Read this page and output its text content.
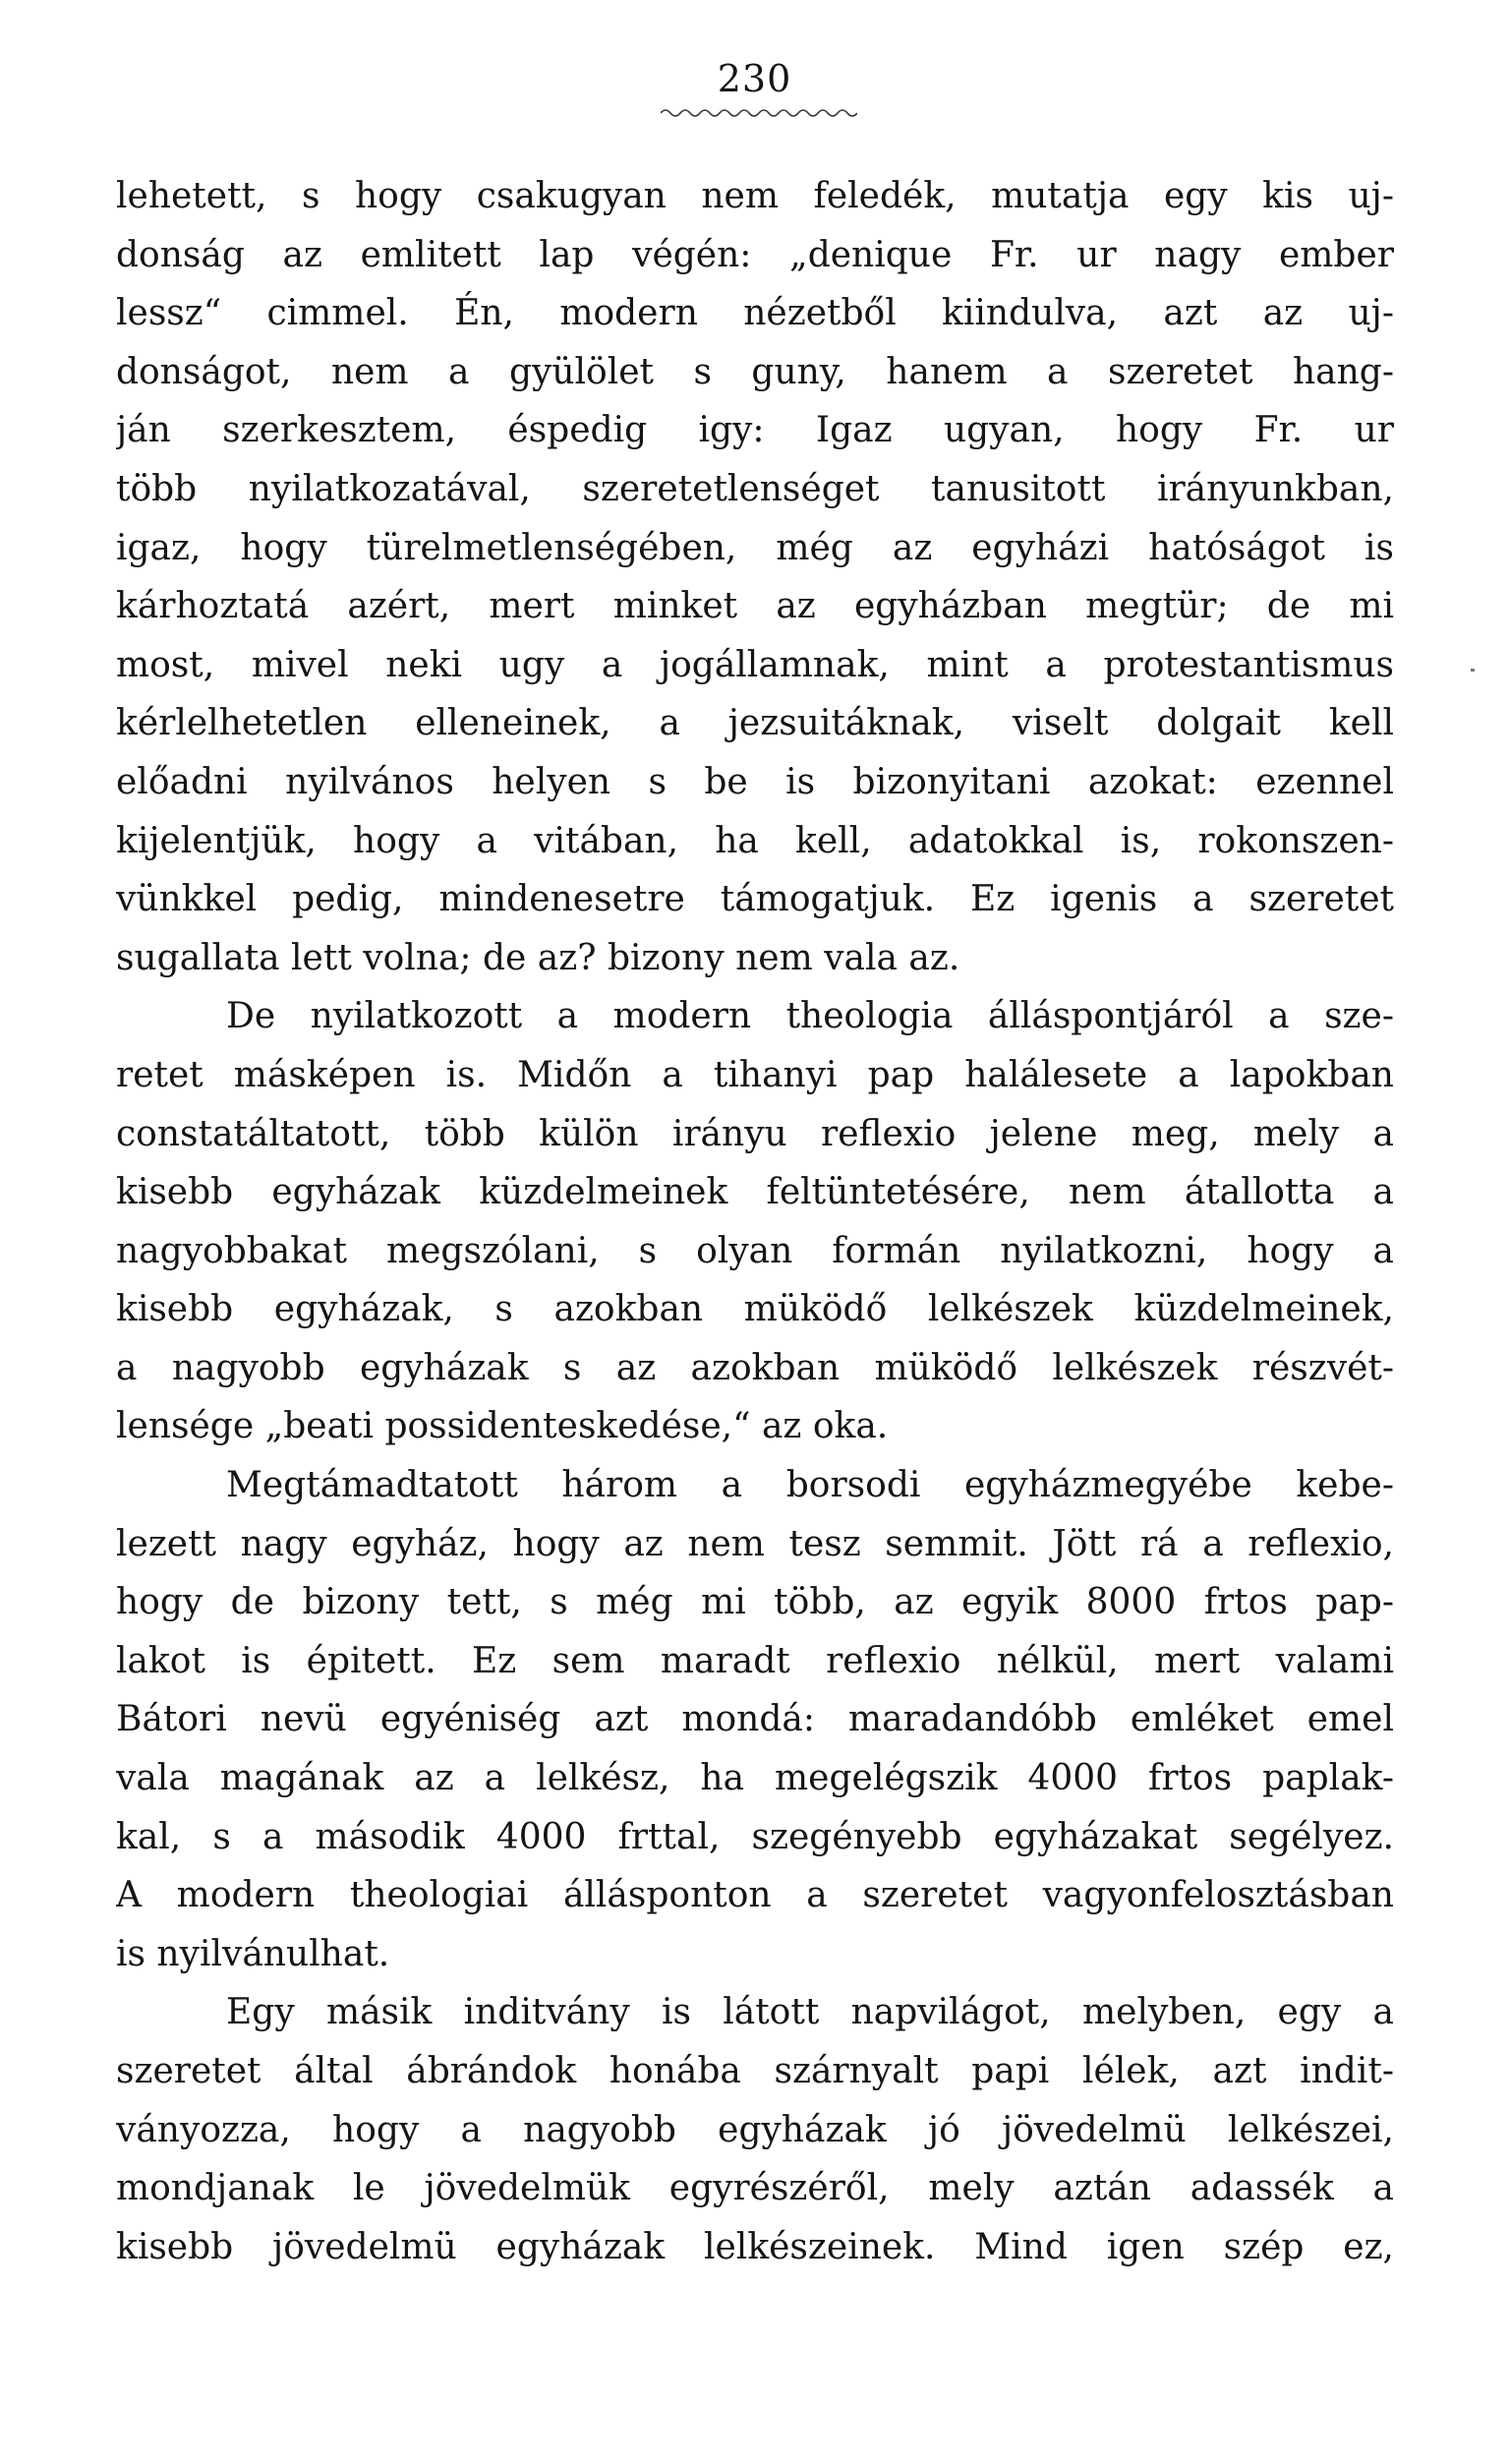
230
lehetett, s hogy csakugyan nem feledék, mutatja egy kis uj-
donság az emlitett lap végén: „denique Fr. ur nagy ember
lessz“ cimmel. Én, modern nézetből kiindulva, azt az uj-
donságot, nem a gyülölet s guny, hanem a szeretet hang-
ján szerkesztem, éspedig igy: Igaz ugyan, hogy Fr. ur
több nyilatkozatával, szeretetlenséget tanusitott irányunkban,
igaz, hogy türelmetlenségében, még az egyházi hatóságot is
kárhoztatá azért, mert minket az egyházban megtür; de mi
most, mivel neki ugy a jogállamnak, mint a protestantismus
kérlelhetetlen elleneinek, a jezsuitáknak, viselt dolgait kell
előadni nyilvános helyen s be is bizonyitani azokat: ezennel
kijelentjük, hogy a vitában, ha kell, adatokkal is, rokonszen-
vünkkel pedig, mindenesetre támogatjuk. Ez igenis a szeretet
sugallata lett volna; de az? bizony nem vala az.
De nyilatkozott a modern theologia álláspontjáról a sze-
retet másképen is. Midőn a tihanyi pap halálesete a lapokban
constatáltatott, több külön irányu reflexio jelene meg, mely a
kisebb egyházak küzdelmeinek feltüntetésére, nem átallotta a
nagyobbakat megszólani, s olyan formán nyilatkozni, hogy a
kisebb egyházak, s azokban müködő lelkészek küzdelmeinek,
a nagyobb egyházak s az azokban müködő lelkészek részvét-
lensége „beati possidenteskedése,“ az oka.
Megtámadtatott három a borsodi egyházmegyébe kebe-
lezett nagy egyház, hogy az nem tesz semmit. Jött rá a reflexio,
hogy de bizony tett, s még mi több, az egyik 8000 frtos pap-
lakot is épitett. Ez sem maradt reflexio nélkül, mert valami
Bátori nevü egyéniség azt mondá: maradandóbb emléket emel
vala magának az a lelkész, ha megelégszik 4000 frtos paplak-
kal, s a második 4000 frttal, szegényebb egyházakat segélyez.
A modern theologiai állásponton a szeretet vagyonfelosztásban
is nyilvánulhat.
Egy másik inditvány is látott napvilágot, melyben, egy a
szeretet által ábrándok honába szárnyalt papi lélek, azt indit-
ványozza, hogy a nagyobb egyházak jó jövedelmü lelkészei,
mondjanak le jövedelmük egyrészéről, mely aztán adassék a
kisebb jövedelmü egyházak lelkészeinek. Mind igen szép ez,
